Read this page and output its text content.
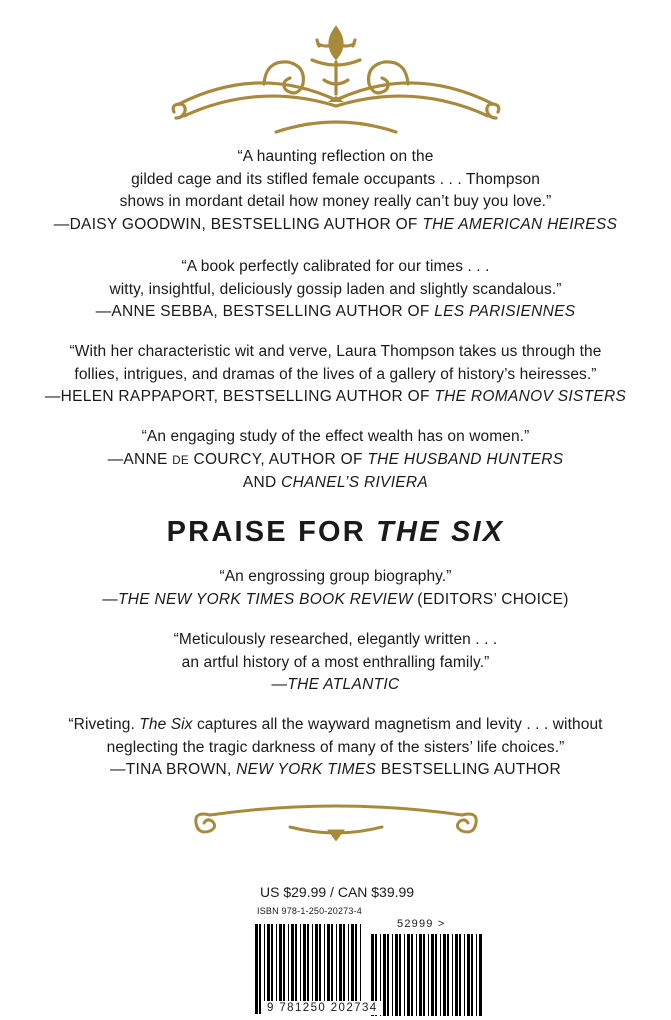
“A haunting reflection on the
gilded cage and its stifled female occupants . . . Thompson
shows in mordant detail how money really can’t buy you love.”
—DAISY GOODWIN, BESTSELLING AUTHOR OF THE AMERICAN HEIRESS
“A book perfectly calibrated for our times . . .
witty, insightful, deliciously gossip laden and slightly scandalous.”
—ANNE SEBBA, BESTSELLING AUTHOR OF LES PARISIENNES
“With her characteristic wit and verve, Laura Thompson takes us through the
follies, intrigues, and dramas of the lives of a gallery of history’s heiresses.”
—HELEN RAPPAPORT, BESTSELLING AUTHOR OF THE ROMANOV SISTERS
“An engaging study of the effect wealth has on women.”
—ANNE DE COURCY, AUTHOR OF THE HUSBAND HUNTERS
AND CHANEL’S RIVIERA
PRAISE FOR THE SIX
“An engrossing group biography.”
—THE NEW YORK TIMES BOOK REVIEW (EDITORS’ CHOICE)
“Meticulously researched, elegantly written . . .
an artful history of a most enthralling family.”
—THE ATLANTIC
“Riveting. The Six captures all the wayward magnetism and levity . . . without
neglecting the tragic darkness of many of the sisters’ life choices.”
—TINA BROWN, NEW YORK TIMES BESTSELLING AUTHOR
US $29.99 / CAN $39.99
ISBN 978-1-250-20273-4
9 781250 202734
52999 >
